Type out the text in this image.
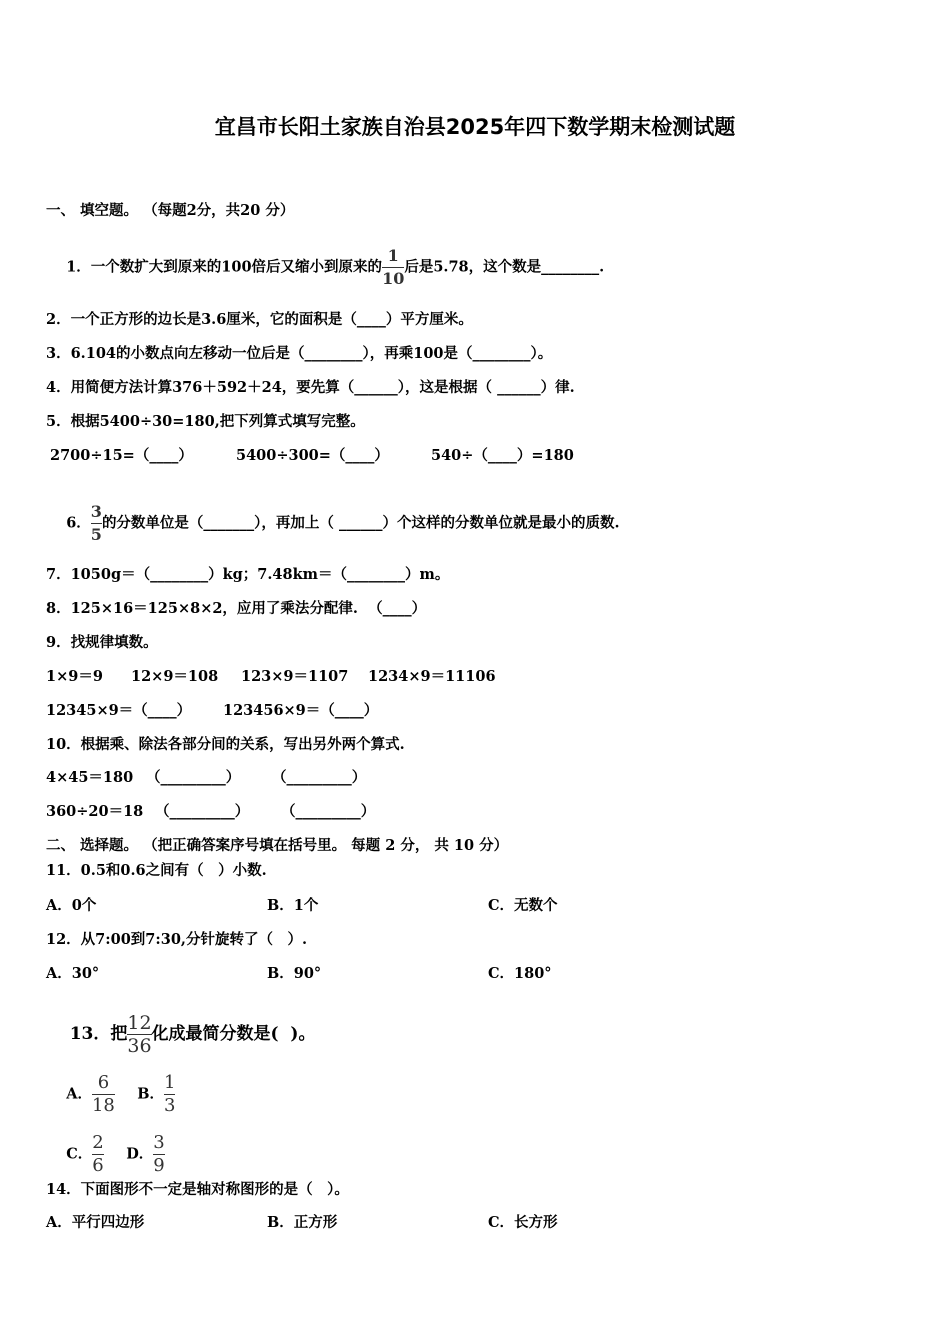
宜昌市长阳土家族自治县2025年四下数学期末检测试题
一、 填空题。 （每题2分，共20 分）

1．一个数扩大到原来的100倍后又缩小到原来的 $\frac{1}{10}$ 后是5.78，这个数是________.

2．一个正方形的边长是3.6厘米，它的面积是（____）平方厘米。
3．6.104的小数点向左移动一位后是（________），再乘100是（________）。
4．用简便方法计算376＋592＋24，要先算（______），这是根据（ ______）律.
5．根据5400÷30=180,把下列算式填写完整。
2700÷15=（____）	5400÷300=（____）	540÷（____）=180

6． $\frac{3}{5}$ 的分数单位是（_______），再加上（ ______）个这样的分数单位就是最小的质数.

7．1050g＝（________）kg；7.48km＝（________）m。
8．125×16＝125×8×2，应用了乘法分配律.  （____）
9．找规律填数。
1×9＝9 12×9＝108 123×9＝1107 1234×9＝11106
12345×9＝（____） 123456×9＝（____）
10．根据乘、除法各部分间的关系，写出另外两个算式.
4×45＝180 （_________） （_________）
360÷20＝18 （_________） （_________）
二、 选择题。 （把正确答案序号填在括号里。 每题 2 分， 共 10 分）
11．0.5和0.6之间有（　）小数.
A．0个	B．1个	C．无数个
12．从7:00到7:30,分针旋转了（　）.
A．30°	B．90°	C．180°

13．把 $\frac{12}{36}$ 化成最简分数是(  )。

A． $\frac{6}{18}$

	B． $\frac{1}{3}$

C． $\frac{2}{6}$

	D． $\frac{3}{9}$

14．下面图形不一定是轴对称图形的是（　）。
A．平行四边形	B．正方形	C．长方形
